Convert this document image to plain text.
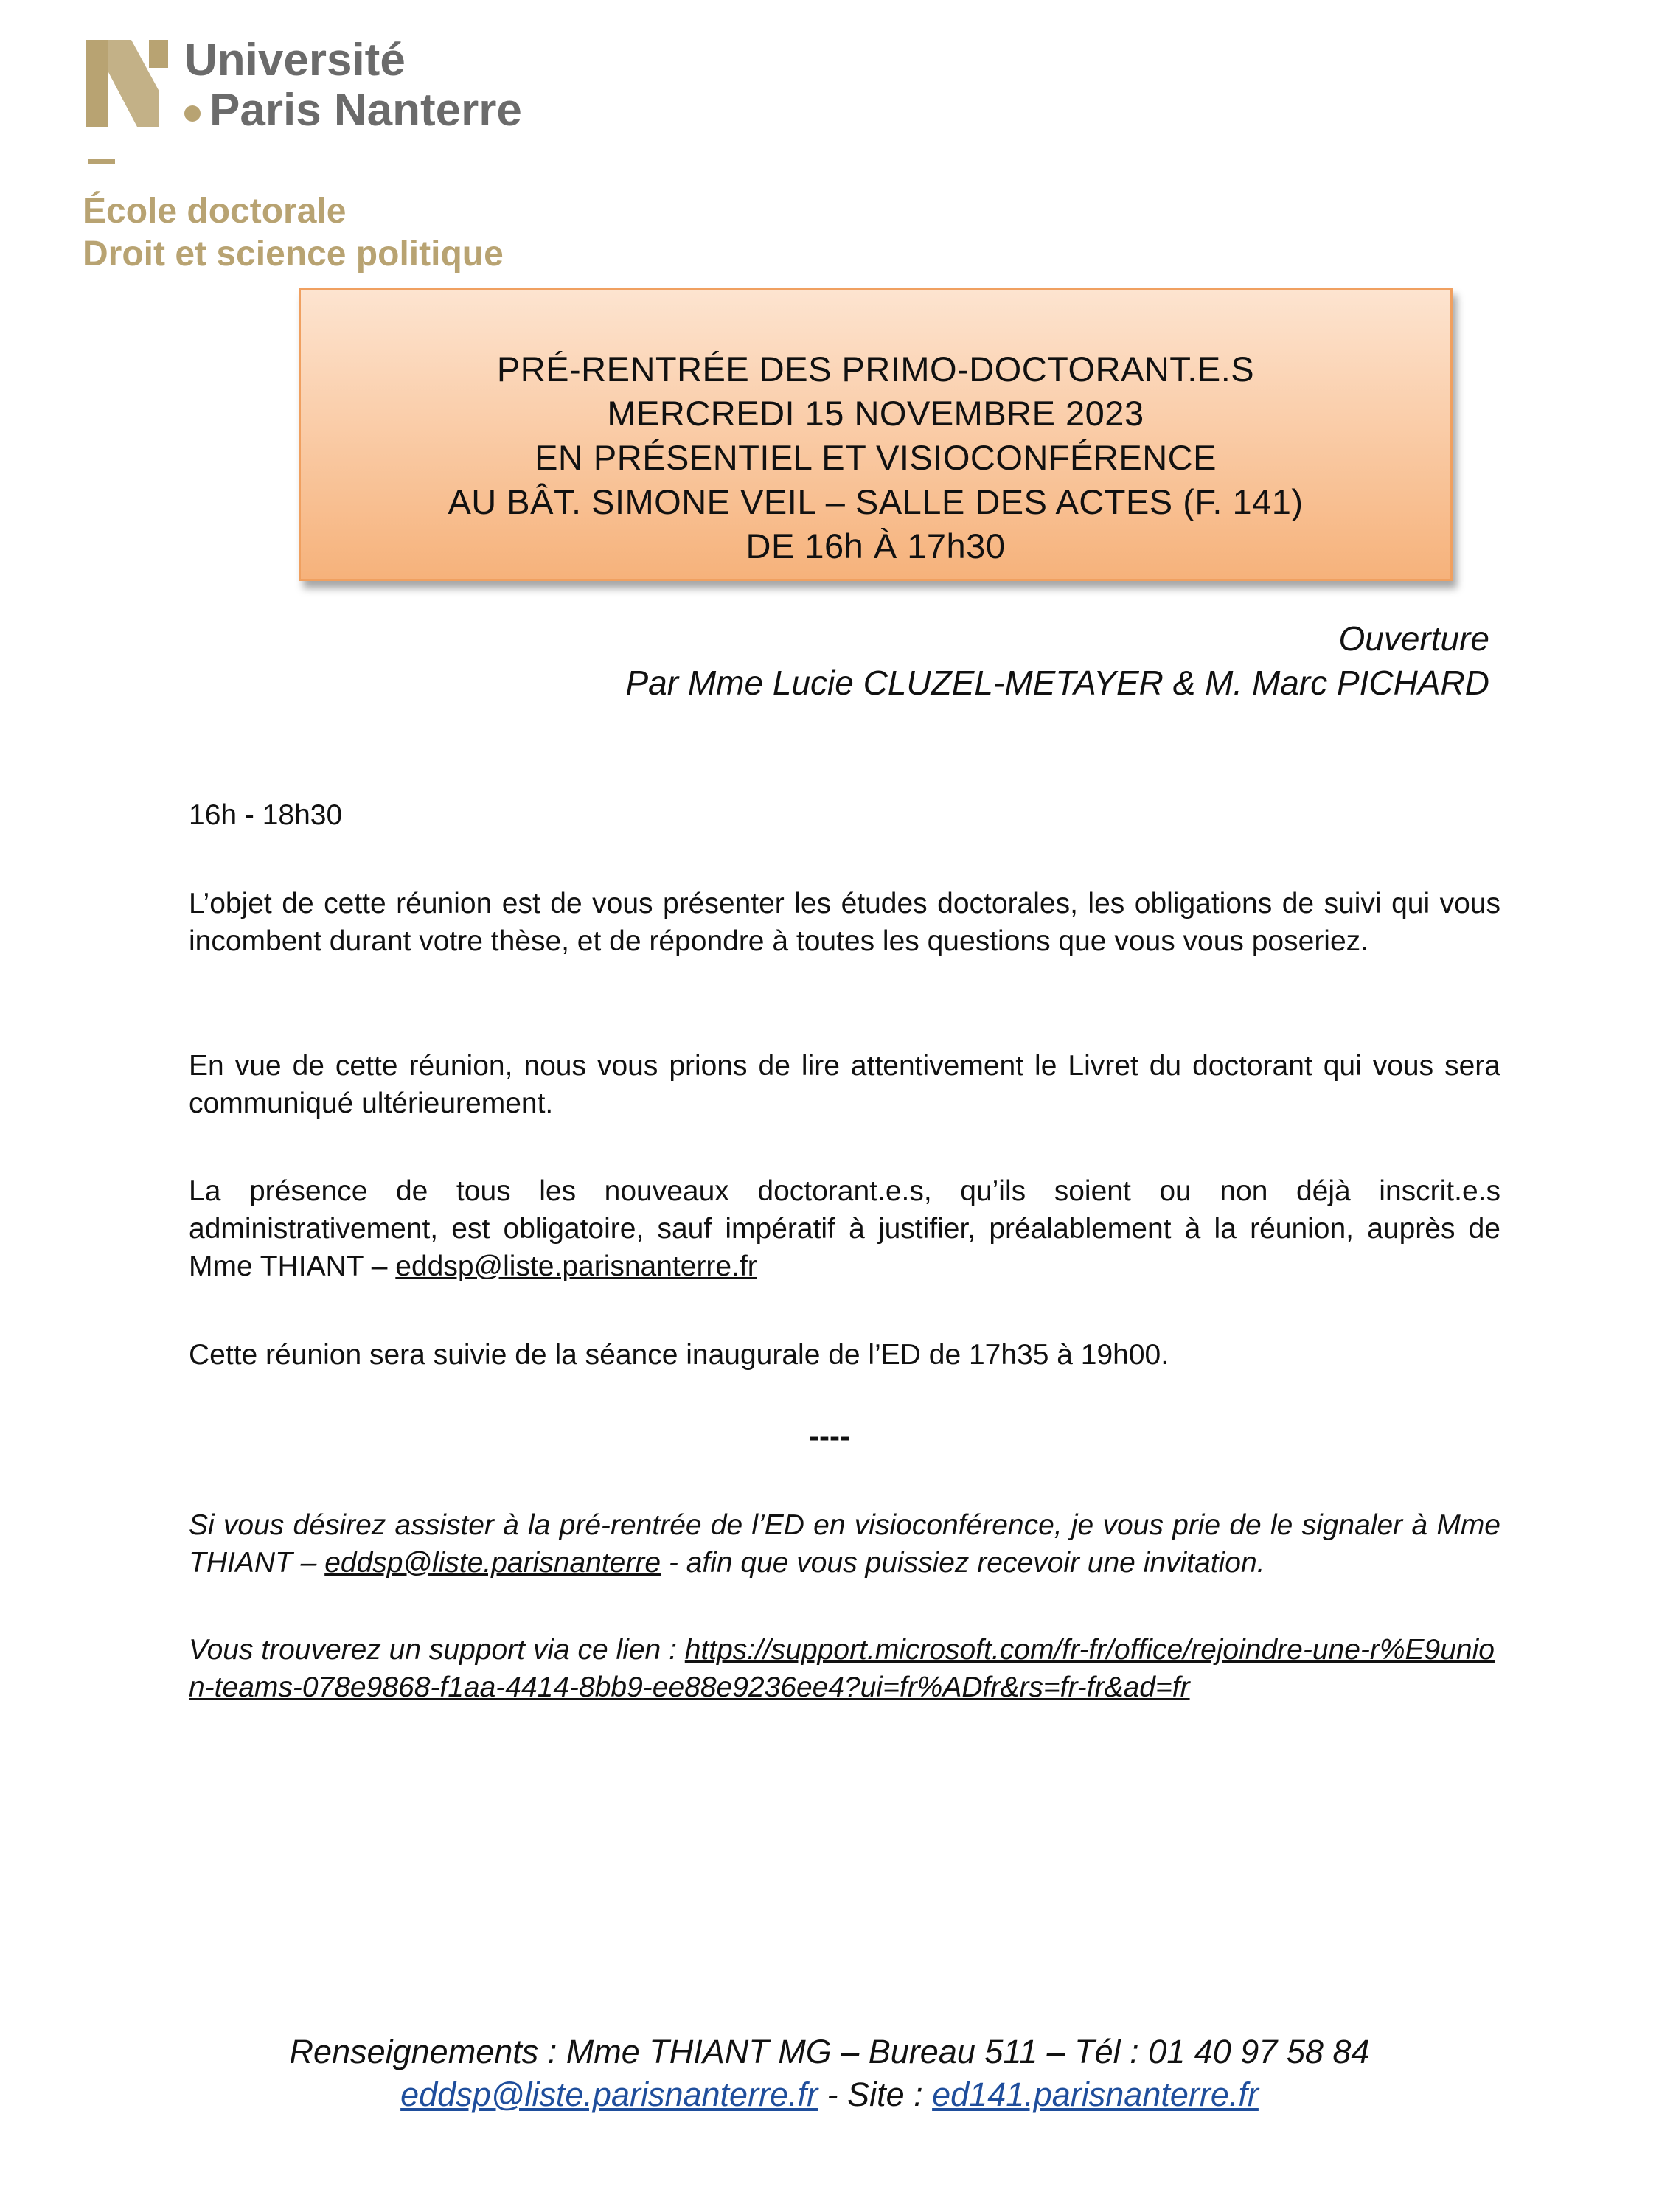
Université
Paris Nanterre
École doctorale
Droit et science politique
PRÉ-RENTRÉE DES PRIMO-DOCTORANT.E.S
MERCREDI 15 NOVEMBRE 2023
EN PRÉSENTIEL ET VISIOCONFÉRENCE
AU BÂT. SIMONE VEIL – SALLE DES ACTES (F. 141)
DE 16h À 17h30
Ouverture
Par Mme Lucie CLUZEL-METAYER & M. Marc PICHARD
16h - 18h30
L’objet de cette réunion est de vous présenter les études doctorales, les obligations de suivi qui vous incombent durant votre thèse, et de répondre à toutes les questions que vous vous poseriez.
En vue de cette réunion, nous vous prions de lire attentivement le Livret du doctorant qui vous sera communiqué ultérieurement.
La présence de tous les nouveaux doctorant.e.s, qu’ils soient ou non déjà inscrit.e.s administrativement, est obligatoire, sauf impératif à justifier, préalablement à la réunion, auprès de Mme THIANT – eddsp@liste.parisnanterre.fr
Cette réunion sera suivie de la séance inaugurale de l’ED de 17h35 à 19h00.
----
Si vous désirez assister à la pré-rentrée de l’ED en visioconférence, je vous prie de le signaler à Mme THIANT – eddsp@liste.parisnanterre - afin que vous puissiez recevoir une invitation.
Vous trouverez un support via ce lien : https://support.microsoft.com/fr-fr/office/rejoindre-une-r%E9union-teams-078e9868-f1aa-4414-8bb9-ee88e9236ee4?ui=fr%ADfr&rs=fr-fr&ad=fr
Renseignements : Mme THIANT MG – Bureau 511 – Tél : 01 40 97 58 84
eddsp@liste.parisnanterre.fr - Site : ed141.parisnanterre.fr
